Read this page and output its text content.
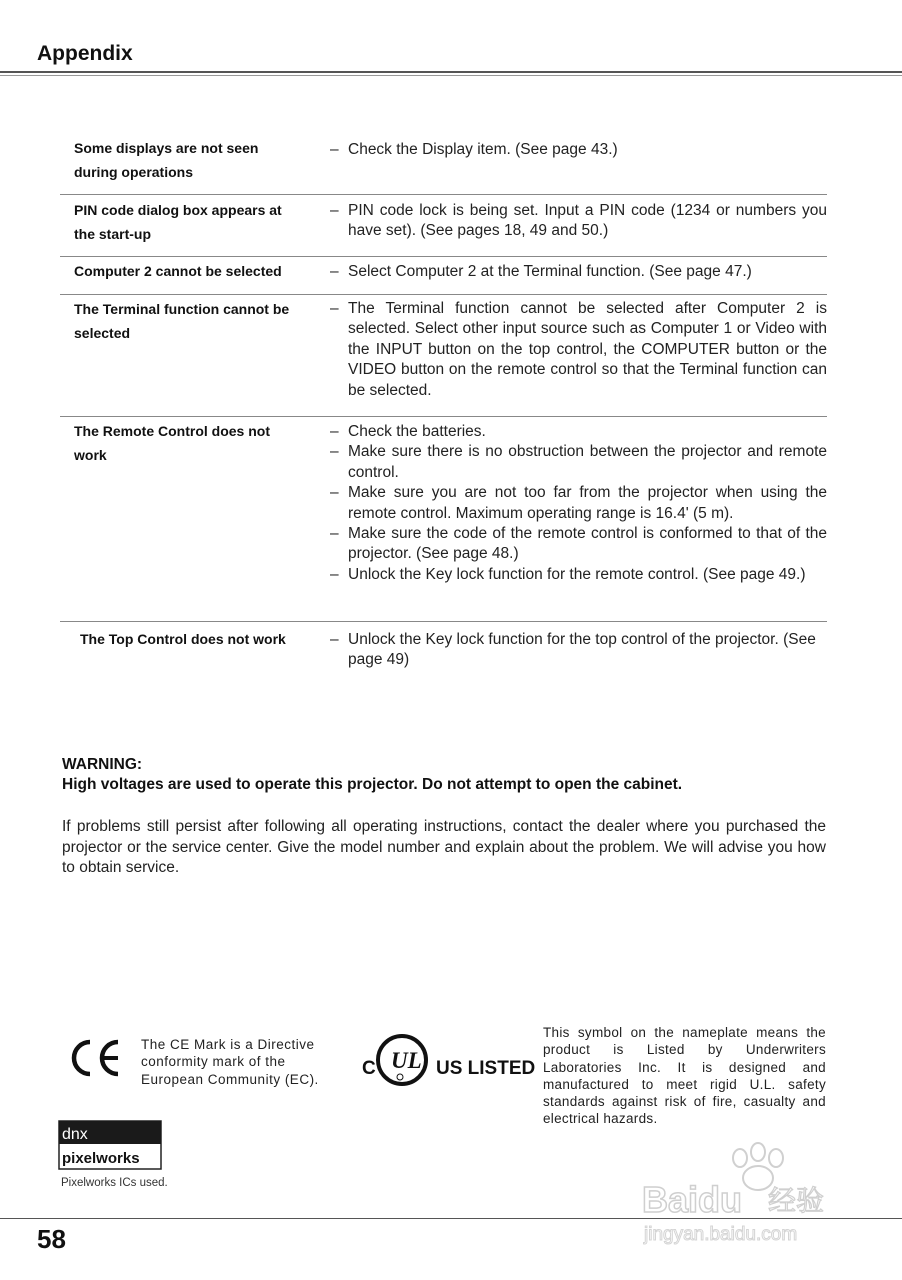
Appendix
Some displays are not seen
during operations
– Check the Display item. (See page 43.)
PIN code dialog box appears at
the start-up
– PIN code lock is being set. Input a PIN code (1234 or numbers you have set). (See pages 18, 49 and 50.)
Computer 2 cannot be selected	– Select Computer 2 at the Terminal function. (See page 47.)
The Terminal function cannot be
selected
– The Terminal function cannot be selected after Computer 2 is selected. Select other input source such as Computer 1 or Video with the INPUT button on the top control, the COMPUTER button or the VIDEO button on the remote control so that the Terminal function can be selected.
The Remote Control does not
work
– Check the batteries.
– Make sure there is no obstruction between the projector and remote control.
– Make sure you are not too far from the projector when using the remote control. Maximum operating range is 16.4' (5 m).
– Make sure the code of the remote control is conformed to that of the projector. (See page 48.)
– Unlock the Key lock function for the remote control. (See page 49.)
The Top Control does not work	– Unlock the Key lock function for the top control of the projector. (See page 49)
WARNING:
High voltages are used to operate this projector. Do not attempt to open the cabinet.
If problems still persist after following all operating instructions, contact the dealer where you purchased the projector or the service center. Give the model number and explain about the problem. We will advise you how to obtain service.
The CE Mark is a Directive conformity mark of the European Community (EC).
C UL US LISTED
This symbol on the nameplate means the product is Listed by Underwriters Laboratories Inc. It is designed and manufactured to meet rigid U.L. safety standards against risk of fire, casualty and electrical hazards.
dnx
pixelworks
Pixelworks ICs used.
58
Baidu 经验
jingyan.baidu.com
